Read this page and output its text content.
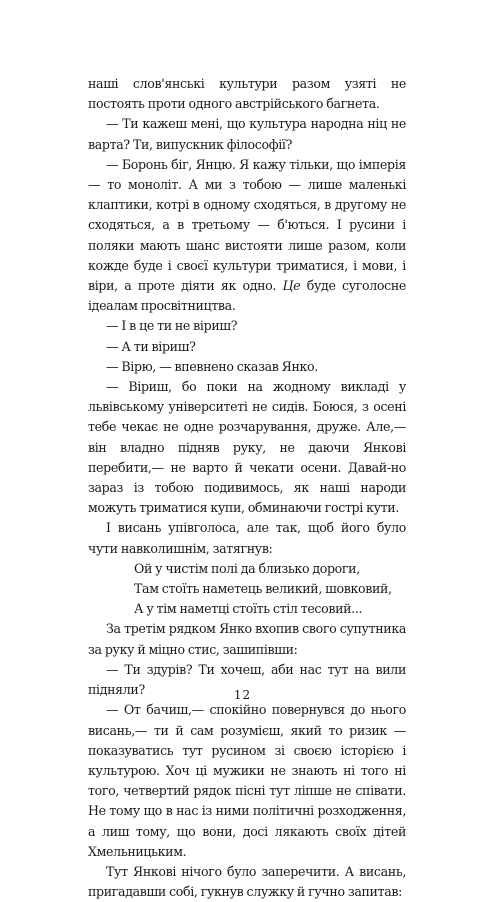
наші слов'янські культури разом узяті не постоять проти одного австрійського багнета.

— Ти кажеш мені, що культура народна ніц не варта? Ти, випускник філософії?

— Боронь біг, Янцю. Я кажу тільки, що імперія — то моноліт. А ми з тобою — лише маленькі клаптики, котрі в одному сходяться, в другому не сходяться, а в третьому — б'ються. І русини і поляки мають шанс вистояти лише разом, коли кожде буде і своєї культури триматися, і мови, і віри, а проте діяти як одно. Це буде суголосне ідеалам просвітництва.

— І в це ти не віриш?

— А ти віриш?

— Вірю, — впевнено сказав Янко.

— Віриш, бо поки на жодному викладі у львівському університеті не сидів. Боюся, з осені тебе чекає не одне розчарування, друже. Але,— він владно підняв руку, не даючи Янкові перебити,— не варто й чекати осени. Давай-но зараз із тобою подивимось, як наші народи можуть триматися купи, обминаючи гострі кути.

І висань упівголоса, але так, щоб його було чути навколишнім, затягнув:

Ой у чистім полі да близько дороги,
Там стоїть наметець великий, шовковий,
А у тім наметці стоїть стіл тесовий...

За третім рядком Янко вхопив свого супутника за руку й міцно стис, зашипівши:

— Ти здурів? Ти хочеш, аби нас тут на вили підняли?

— От бачиш,— спокійно повернувся до нього висань,— ти й сам розумієш, який то ризик — показуватись тут русином зі своєю історією і культурою. Хоч ці мужики не знають ні того ні того, четвертий рядок пісні тут ліпше не співати. Не тому що в нас із ними політичні розходження, а лиш тому, що вони, досі лякають своїх дітей Хмельницьким.

Тут Янкові нічого було заперечити. А висань, пригадавши собі, гукнув служку й гучно запитав:

12
